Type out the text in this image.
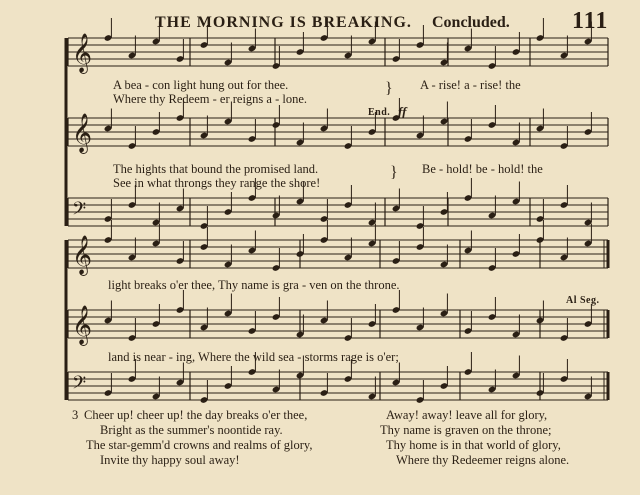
THE MORNING IS BREAKING. Concluded.	111
𝄞
𝄞
𝄢
𝄞
𝄞
𝄢
A bea - con light hung out for thee.
Where thy Redeem - er reigns a - lone.
} A - rise! a - rise! the
End. ff
The hights that bound the promised land.
See in what throngs they range the shore!
} Be - hold! be - hold! the
light breaks o'er thee, Thy name is gra - ven on the throne.
Al Seg.
land is near - ing, Where the wild sea - storms rage is o'er;
3 Cheer up! cheer up! the day breaks o'er thee,
Bright as the summer's noontide ray.
The star-gemm'd crowns and realms of glory,
Invite thy happy soul away!
Away! away! leave all for glory,
Thy name is graven on the throne;
Thy home is in that world of glory,
Where thy Redeemer reigns alone.
